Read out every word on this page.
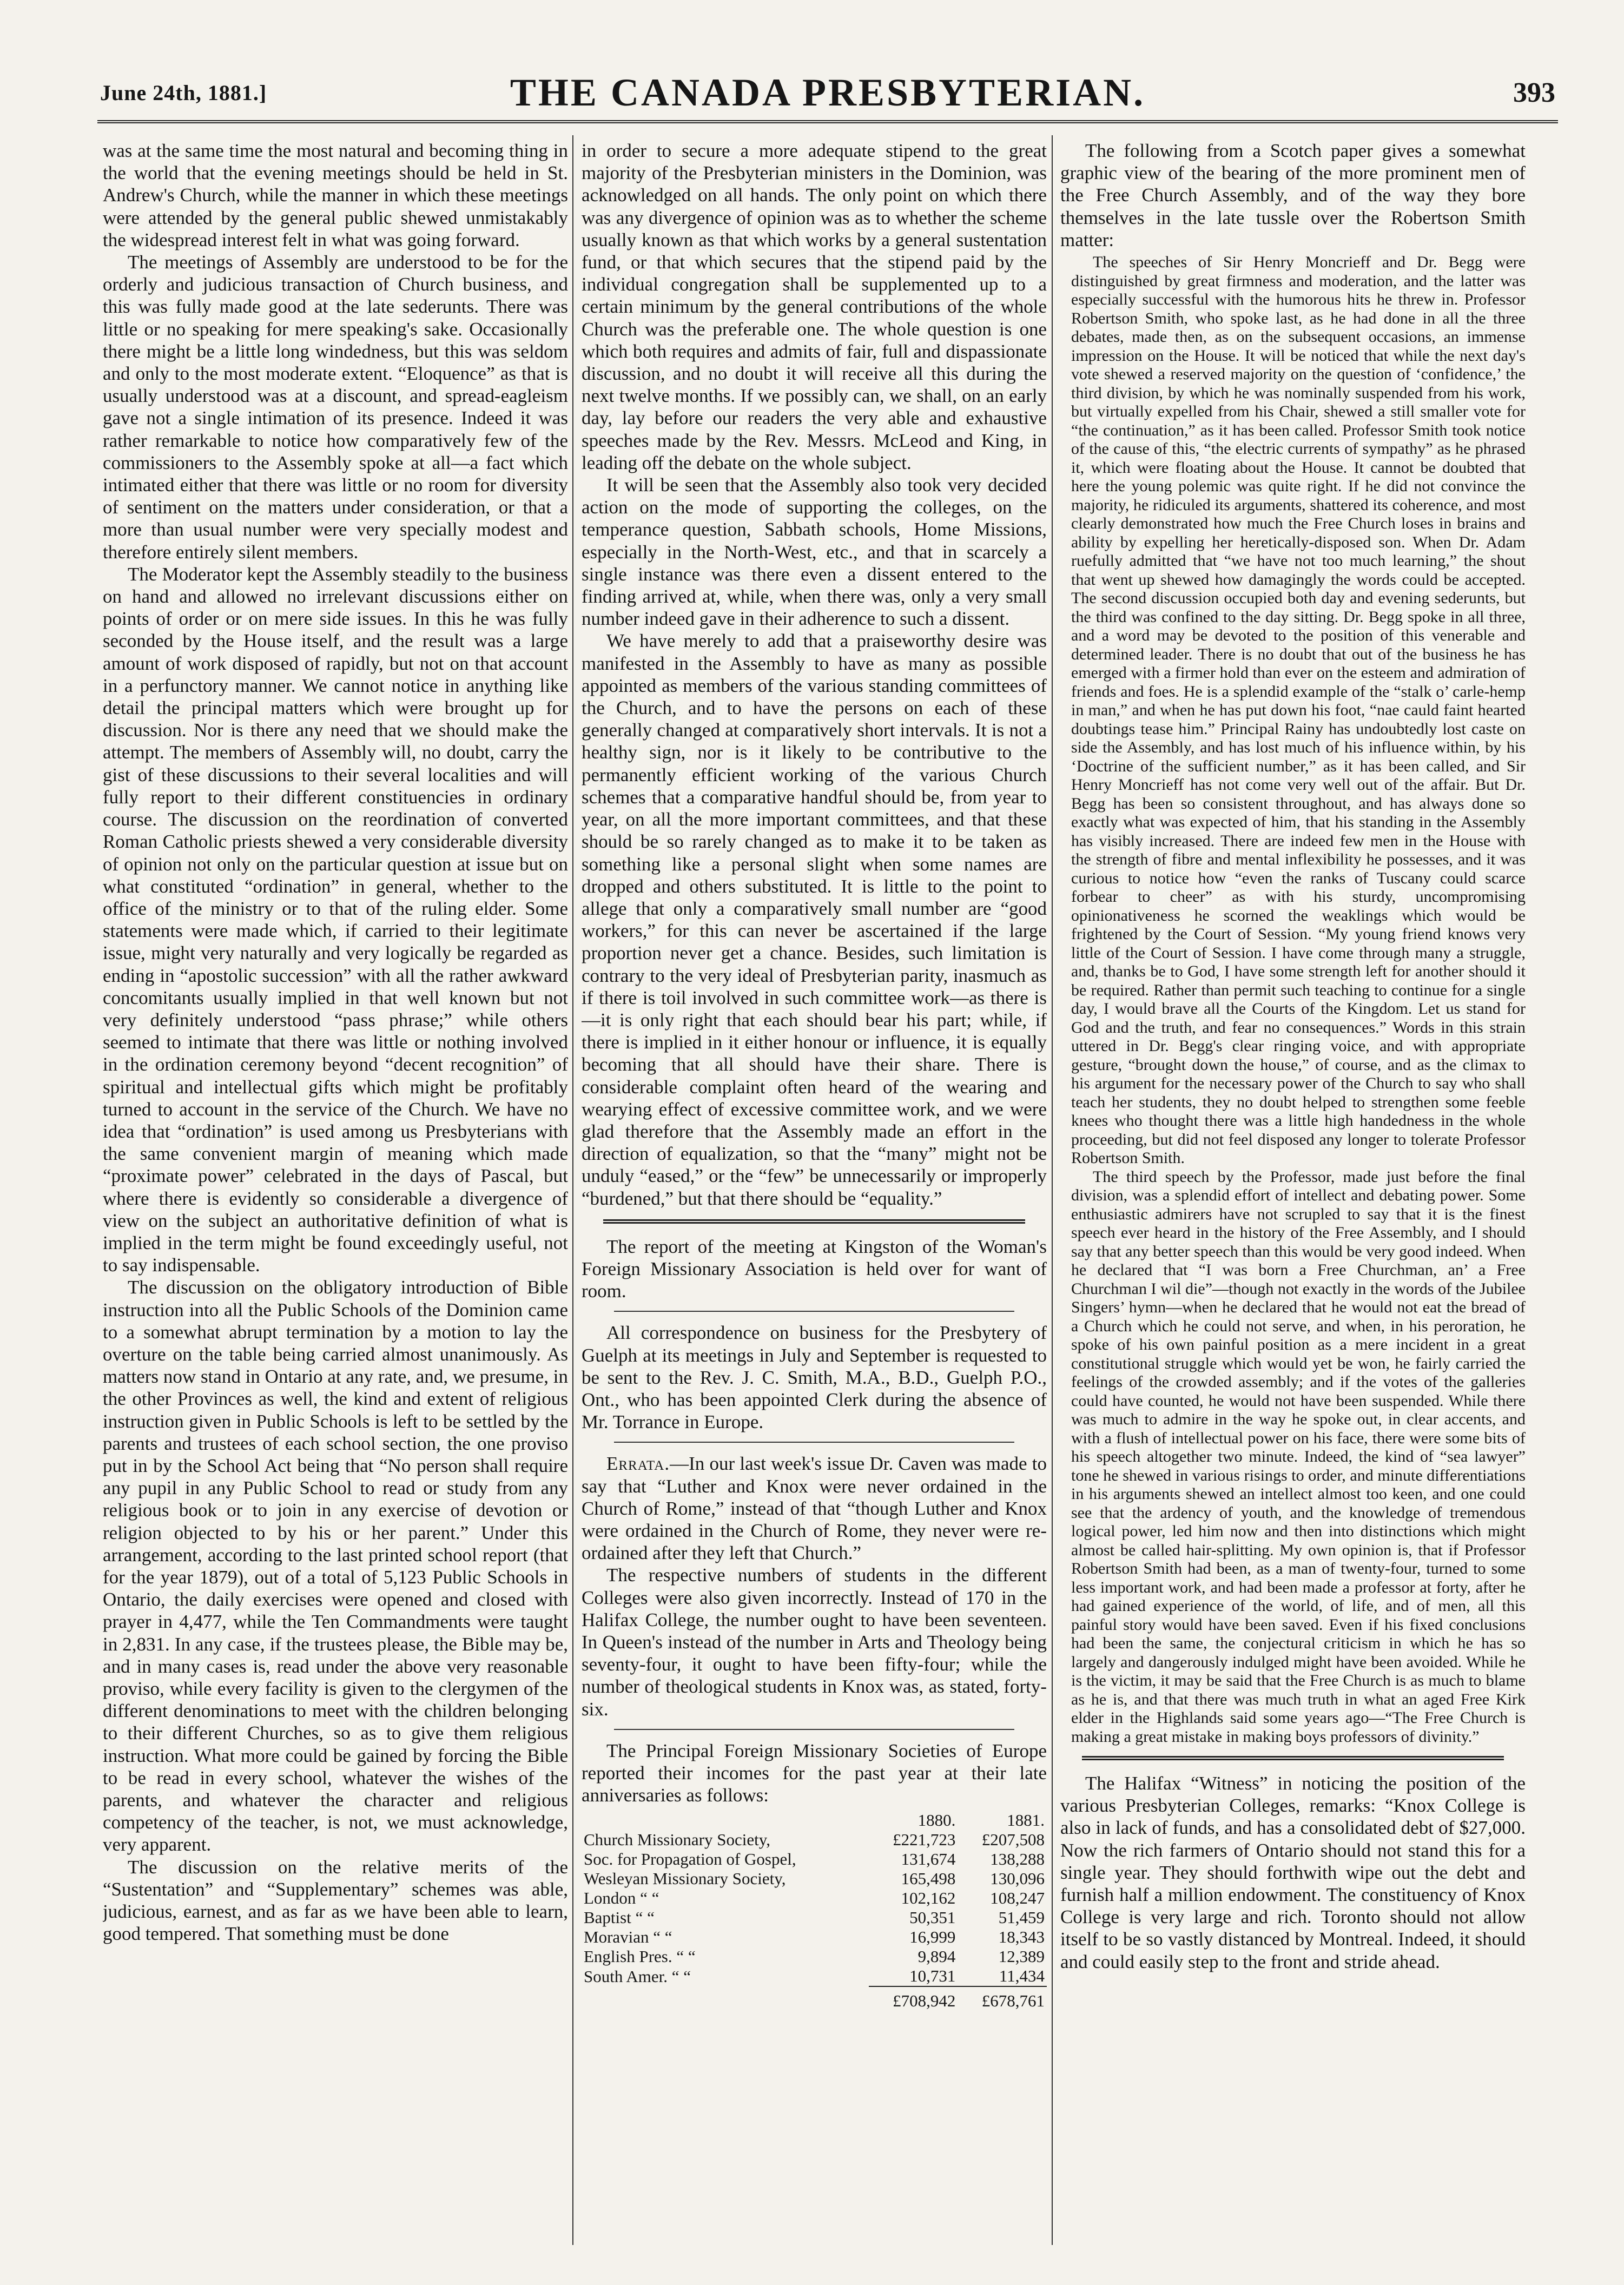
June 24th, 1881.]	THE CANADA PRESBYTERIAN.	393

was at the same time the most natural and becoming thing in the world that the evening meetings should be held in St. Andrew's Church, while the manner in which these meetings were attended by the general public shewed unmistakably the widespread interest felt in what was going forward.

The meetings of Assembly are understood to be for the orderly and judicious transaction of Church business, and this was fully made good at the late sederunts. There was little or no speaking for mere speaking's sake. Occasionally there might be a little long windedness, but this was seldom and only to the most moderate extent. “Eloquence” as that is usually understood was at a discount, and spread-eagleism gave not a single intimation of its presence. Indeed it was rather remarkable to notice how comparatively few of the commissioners to the Assembly spoke at all—a fact which intimated either that there was little or no room for diversity of sentiment on the matters under consideration, or that a more than usual number were very specially modest and therefore entirely silent members.

The Moderator kept the Assembly steadily to the business on hand and allowed no irrelevant discussions either on points of order or on mere side issues. In this he was fully seconded by the House itself, and the result was a large amount of work disposed of rapidly, but not on that account in a perfunctory manner. We cannot notice in anything like detail the principal matters which were brought up for discussion. Nor is there any need that we should make the attempt. The members of Assembly will, no doubt, carry the gist of these discussions to their several localities and will fully report to their different constituencies in ordinary course. The discussion on the reordination of converted Roman Catholic priests shewed a very considerable diversity of opinion not only on the particular question at issue but on what constituted “ordination” in general, whether to the office of the ministry or to that of the ruling elder. Some statements were made which, if carried to their legitimate issue, might very naturally and very logically be regarded as ending in “apostolic succession” with all the rather awkward concomitants usually implied in that well known but not very definitely understood “pass phrase;” while others seemed to intimate that there was little or nothing involved in the ordination ceremony beyond “decent recognition” of spiritual and intellectual gifts which might be profitably turned to account in the service of the Church. We have no idea that “ordination” is used among us Presbyterians with the same convenient margin of meaning which made “proximate power” celebrated in the days of Pascal, but where there is evidently so considerable a divergence of view on the subject an authoritative definition of what is implied in the term might be found exceedingly useful, not to say indispensable.

The discussion on the obligatory introduction of Bible instruction into all the Public Schools of the Dominion came to a somewhat abrupt termination by a motion to lay the overture on the table being carried almost unanimously. As matters now stand in Ontario at any rate, and, we presume, in the other Provinces as well, the kind and extent of religious instruction given in Public Schools is left to be settled by the parents and trustees of each school section, the one proviso put in by the School Act being that “No person shall require any pupil in any Public School to read or study from any religious book or to join in any exercise of devotion or religion objected to by his or her parent.” Under this arrangement, according to the last printed school report (that for the year 1879), out of a total of 5,123 Public Schools in Ontario, the daily exercises were opened and closed with prayer in 4,477, while the Ten Commandments were taught in 2,831. In any case, if the trustees please, the Bible may be, and in many cases is, read under the above very reasonable proviso, while every facility is given to the clergymen of the different denominations to meet with the children belonging to their different Churches, so as to give them religious instruction. What more could be gained by forcing the Bible to be read in every school, whatever the wishes of the parents, and whatever the character and religious competency of the teacher, is not, we must acknowledge, very apparent.

The discussion on the relative merits of the “Sustentation” and “Supplementary” schemes was able, judicious, earnest, and as far as we have been able to learn, good tempered. That something must be done

in order to secure a more adequate stipend to the great majority of the Presbyterian ministers in the Dominion, was acknowledged on all hands. The only point on which there was any divergence of opinion was as to whether the scheme usually known as that which works by a general sustentation fund, or that which secures that the stipend paid by the individual congregation shall be supplemented up to a certain minimum by the general contributions of the whole Church was the preferable one. The whole question is one which both requires and admits of fair, full and dispassionate discussion, and no doubt it will receive all this during the next twelve months. If we possibly can, we shall, on an early day, lay before our readers the very able and exhaustive speeches made by the Rev. Messrs. McLeod and King, in leading off the debate on the whole subject.

It will be seen that the Assembly also took very decided action on the mode of supporting the colleges, on the temperance question, Sabbath schools, Home Missions, especially in the North-West, etc., and that in scarcely a single instance was there even a dissent entered to the finding arrived at, while, when there was, only a very small number indeed gave in their adherence to such a dissent.

We have merely to add that a praiseworthy desire was manifested in the Assembly to have as many as possible appointed as members of the various standing committees of the Church, and to have the persons on each of these generally changed at comparatively short intervals. It is not a healthy sign, nor is it likely to be contributive to the permanently efficient working of the various Church schemes that a comparative handful should be, from year to year, on all the more important committees, and that these should be so rarely changed as to make it to be taken as something like a personal slight when some names are dropped and others substituted. It is little to the point to allege that only a comparatively small number are “good workers,” for this can never be ascertained if the large proportion never get a chance. Besides, such limitation is contrary to the very ideal of Presbyterian parity, inasmuch as if there is toil involved in such committee work—as there is—it is only right that each should bear his part; while, if there is implied in it either honour or influence, it is equally becoming that all should have their share. There is considerable complaint often heard of the wearing and wearying effect of excessive committee work, and we were glad therefore that the Assembly made an effort in the direction of equalization, so that the “many” might not be unduly “eased,” or the “few” be unnecessarily or improperly “burdened,” but that there should be “equality.”

The report of the meeting at Kingston of the Woman's Foreign Missionary Association is held over for want of room.

All correspondence on business for the Presbytery of Guelph at its meetings in July and September is requested to be sent to the Rev. J. C. Smith, M.A., B.D., Guelph P.O., Ont., who has been appointed Clerk during the absence of Mr. Torrance in Europe.

Errata.—In our last week's issue Dr. Caven was made to say that “Luther and Knox were never ordained in the Church of Rome,” instead of that “though Luther and Knox were ordained in the Church of Rome, they never were re-ordained after they left that Church.”

The respective numbers of students in the different Colleges were also given incorrectly. Instead of 170 in the Halifax College, the number ought to have been seventeen. In Queen's instead of the number in Arts and Theology being seventy-four, it ought to have been fifty-four; while the number of theological students in Knox was, as stated, forty-six.

The Principal Foreign Missionary Societies of Europe reported their incomes for the past year at their late anniversaries as follows:

	1880.	1881.
Church Missionary Society,	£221,723	£207,508
Soc. for Propagation of Gospel,	131,674	138,288
Wesleyan Missionary Society,	165,498	130,096
London “ “	102,162	108,247
Baptist “ “	50,351	51,459
Moravian “ “	16,999	18,343
English Pres. “ “	9,894	12,389
South Amer. “ “	10,731	11,434
	£708,942	£678,761

The following from a Scotch paper gives a somewhat graphic view of the bearing of the more prominent men of the Free Church Assembly, and of the way they bore themselves in the late tussle over the Robertson Smith matter:

The speeches of Sir Henry Moncrieff and Dr. Begg were distinguished by great firmness and moderation, and the latter was especially successful with the humorous hits he threw in. Professor Robertson Smith, who spoke last, as he had done in all the three debates, made then, as on the subsequent occasions, an immense impression on the House. It will be noticed that while the next day's vote shewed a reserved majority on the question of ‘confidence,’ the third division, by which he was nominally suspended from his work, but virtually expelled from his Chair, shewed a still smaller vote for “the continuation,” as it has been called. Professor Smith took notice of the cause of this, “the electric currents of sympathy” as he phrased it, which were floating about the House. It cannot be doubted that here the young polemic was quite right. If he did not convince the majority, he ridiculed its arguments, shattered its coherence, and most clearly demonstrated how much the Free Church loses in brains and ability by expelling her heretically-disposed son. When Dr. Adam ruefully admitted that “we have not too much learning,” the shout that went up shewed how damagingly the words could be accepted. The second discussion occupied both day and evening sederunts, but the third was confined to the day sitting. Dr. Begg spoke in all three, and a word may be devoted to the position of this venerable and determined leader. There is no doubt that out of the business he has emerged with a firmer hold than ever on the esteem and admiration of friends and foes. He is a splendid example of the “stalk o’ carle-hemp in man,” and when he has put down his foot, “nae cauld faint hearted doubtings tease him.” Principal Rainy has undoubtedly lost caste on side the Assembly, and has lost much of his influence within, by his ‘Doctrine of the sufficient number,” as it has been called, and Sir Henry Moncrieff has not come very well out of the affair. But Dr. Begg has been so consistent throughout, and has always done so exactly what was expected of him, that his standing in the Assembly has visibly increased. There are indeed few men in the House with the strength of fibre and mental inflexibility he possesses, and it was curious to notice how “even the ranks of Tuscany could scarce forbear to cheer” as with his sturdy, uncompromising opinionativeness he scorned the weaklings which would be frightened by the Court of Session. “My young friend knows very little of the Court of Session. I have come through many a struggle, and, thanks be to God, I have some strength left for another should it be required. Rather than permit such teaching to continue for a single day, I would brave all the Courts of the Kingdom. Let us stand for God and the truth, and fear no consequences.” Words in this strain uttered in Dr. Begg's clear ringing voice, and with appropriate gesture, “brought down the house,” of course, and as the climax to his argument for the necessary power of the Church to say who shall teach her students, they no doubt helped to strengthen some feeble knees who thought there was a little high handedness in the whole proceeding, but did not feel disposed any longer to tolerate Professor Robertson Smith.

The third speech by the Professor, made just before the final division, was a splendid effort of intellect and debating power. Some enthusiastic admirers have not scrupled to say that it is the finest speech ever heard in the history of the Free Assembly, and I should say that any better speech than this would be very good indeed. When he declared that “I was born a Free Churchman, an’ a Free Churchman I wil die”—though not exactly in the words of the Jubilee Singers’ hymn—when he declared that he would not eat the bread of a Church which he could not serve, and when, in his peroration, he spoke of his own painful position as a mere incident in a great constitutional struggle which would yet be won, he fairly carried the feelings of the crowded assembly; and if the votes of the galleries could have counted, he would not have been suspended. While there was much to admire in the way he spoke out, in clear accents, and with a flush of intellectual power on his face, there were some bits of his speech altogether two minute. Indeed, the kind of “sea lawyer” tone he shewed in various risings to order, and minute differentiations in his arguments shewed an intellect almost too keen, and one could see that the ardency of youth, and the knowledge of tremendous logical power, led him now and then into distinctions which might almost be called hair-splitting. My own opinion is, that if Professor Robertson Smith had been, as a man of twenty-four, turned to some less important work, and had been made a professor at forty, after he had gained experience of the world, of life, and of men, all this painful story would have been saved. Even if his fixed conclusions had been the same, the conjectural criticism in which he has so largely and dangerously indulged might have been avoided. While he is the victim, it may be said that the Free Church is as much to blame as he is, and that there was much truth in what an aged Free Kirk elder in the Highlands said some years ago—“The Free Church is making a great mistake in making boys professors of divinity.”

The Halifax “Witness” in noticing the position of the various Presbyterian Colleges, remarks: “Knox College is also in lack of funds, and has a consolidated debt of $27,000. Now the rich farmers of Ontario should not stand this for a single year. They should forthwith wipe out the debt and furnish half a million endowment. The constituency of Knox College is very large and rich. Toronto should not allow itself to be so vastly distanced by Montreal. Indeed, it should and could easily step to the front and stride ahead.
